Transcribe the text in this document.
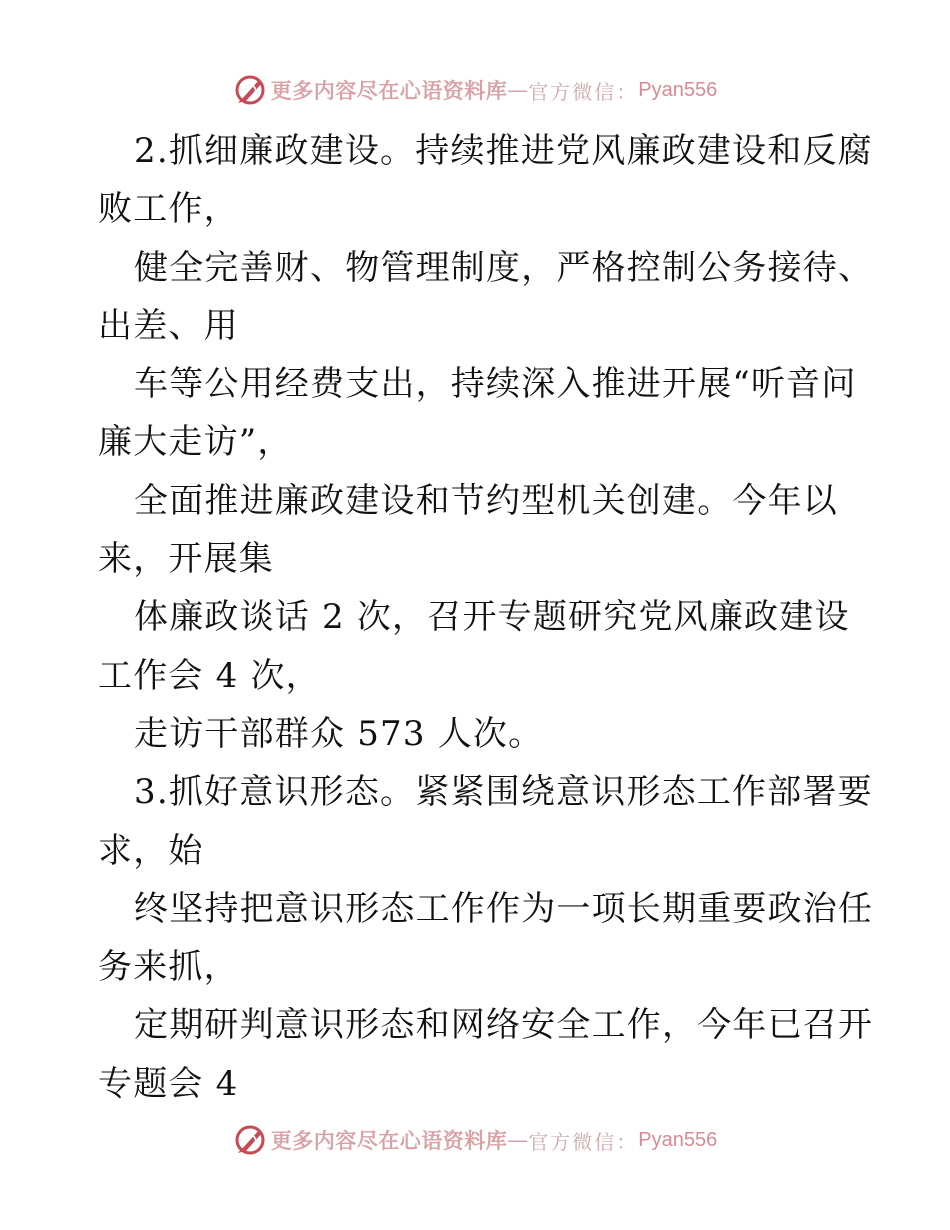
更多内容尽在心语资料库 — 官方微信： Pyan556
2.抓细廉政建设。持续推进党风廉政建设和反腐
败工作，
健全完善财、物管理制度，严格控制公务接待、
出差、用
车等公用经费支出，持续深入推进开展“听音问
廉大走访”，
全面推进廉政建设和节约型机关创建。今年以
来，开展集
体廉政谈话 2 次，召开专题研究党风廉政建设
工作会 4 次，
走访干部群众 573 人次。
3.抓好意识形态。紧紧围绕意识形态工作部署要
求，始
终坚持把意识形态工作作为一项长期重要政治任
务来抓，
定期研判意识形态和网络安全工作，今年已召开
专题会 4
更多内容尽在心语资料库 — 官方微信： Pyan556
